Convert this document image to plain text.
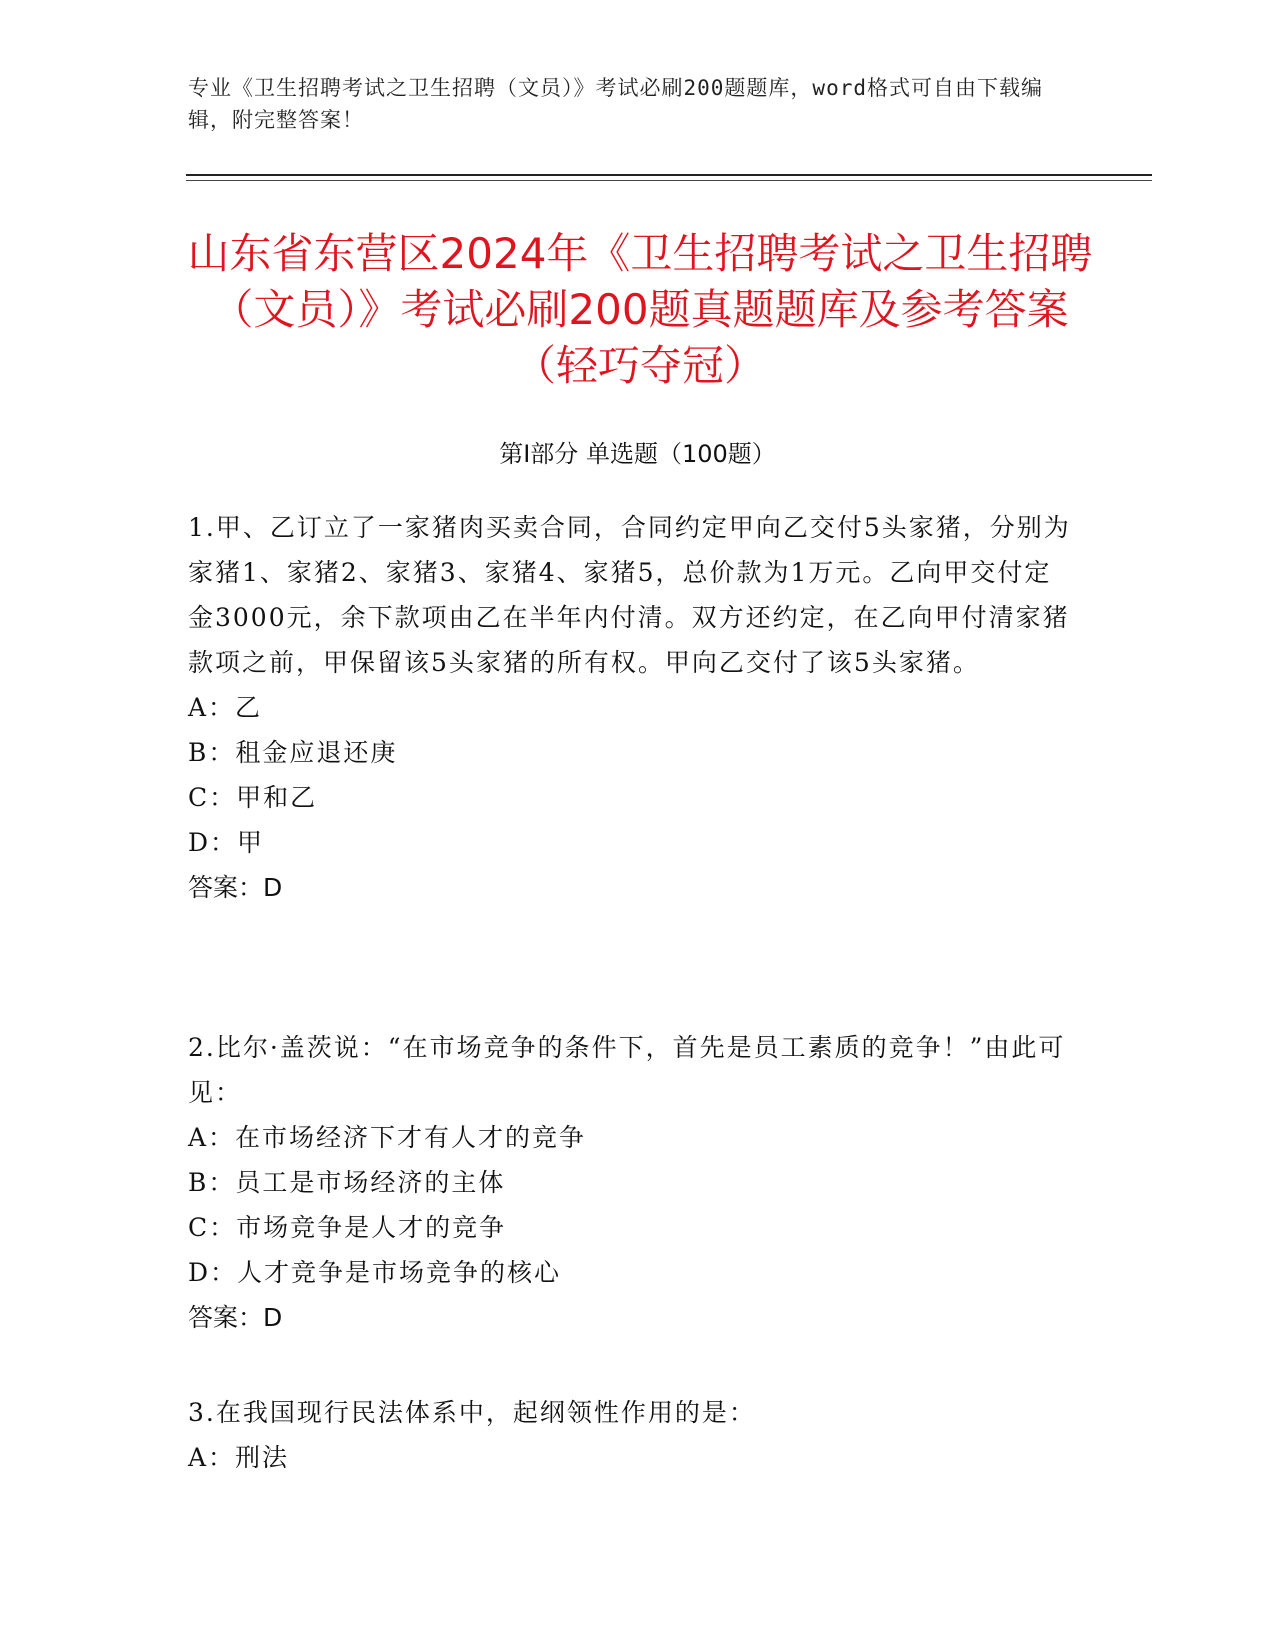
专业《卫生招聘考试之卫生招聘（文员）》考试必刷200题题库，word格式可自由下载编辑，附完整答案！
山东省东营区2024年《卫生招聘考试之卫生招聘（文员）》考试必刷200题真题题库及参考答案（轻巧夺冠）
第I部分 单选题（100题）

1.甲、乙订立了一家猪肉买卖合同，合同约定甲向乙交付5头家猪，分别为家猪1、家猪2、家猪3、家猪4、家猪5，总价款为1万元。乙向甲交付定金3000元，余下款项由乙在半年内付清。双方还约定，在乙向甲付清家猪款项之前，甲保留该5头家猪的所有权。甲向乙交付了该5头家猪。

A：乙

B：租金应退还庚

C：甲和乙

D：甲

答案：D

2.比尔·盖茨说：“在市场竞争的条件下，首先是员工素质的竞争！”由此可见：

A：在市场经济下才有人才的竞争

B：员工是市场经济的主体

C：市场竞争是人才的竞争

D：人才竞争是市场竞争的核心

答案：D

3.在我国现行民法体系中，起纲领性作用的是：

A：刑法
